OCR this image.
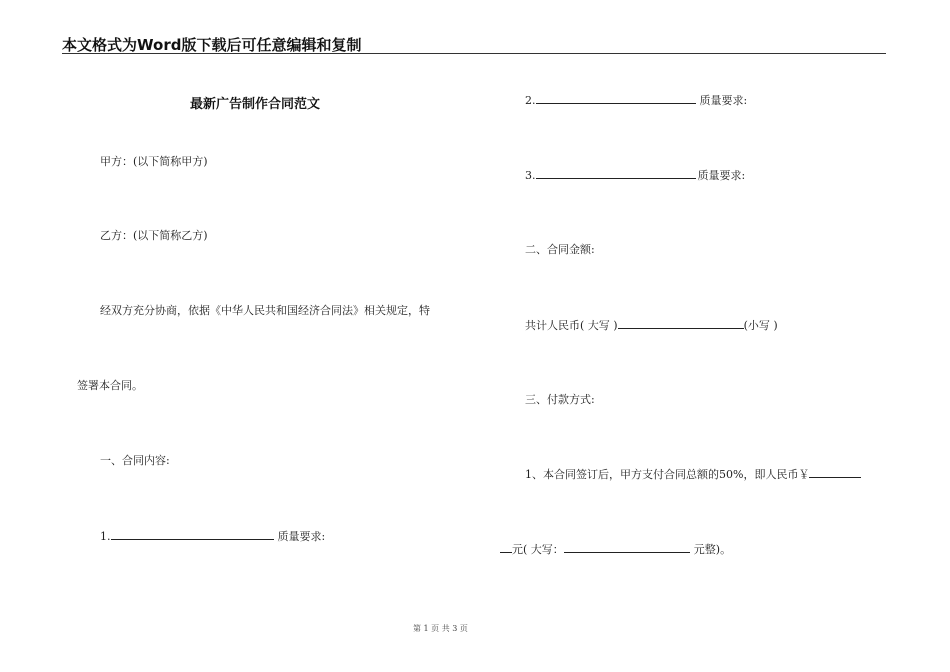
本文格式为Word版下载后可任意编辑和复制
最新广告制作合同范文
甲方：(以下简称甲方)
乙方：(以下简称乙方)
经双方充分协商，依据《中华人民共和国经济合同法》相关规定，特
签署本合同。
一、合同内容:
1.	质量要求:
2.	质量要求:
3.	质量要求:
二、合同金额:
共计人民币( 大写 )	(小写 )
三、付款方式:
1、本合同签订后，甲方支付合同总额的50%，即人民币￥
元( 大写：	元整)。
第 1 页 共 3 页
